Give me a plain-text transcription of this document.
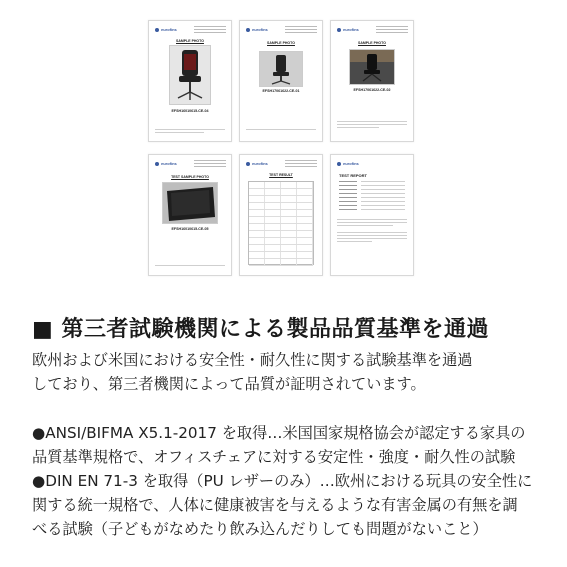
eurofins
SAMPLE PHOTO
EFSH16010615-CE-04
eurofins
SAMPLE PHOTO
EFSH17061622-CE-01
eurofins
SAMPLE PHOTO
EFSH17061622-CE-02
eurofins
TEST SAMPLE PHOTO
EFSH16010615-CE-05
eurofins
TEST RESULT
eurofins
TEST REPORT
■ 第三者試験機関による製品品質基準を通過
欧州および米国における安全性・耐久性に関する試験基準を通過
しており、第三者機関によって品質が証明されています。
●ANSI/BIFMA X5.1-2017 を取得…米国国家規格協会が認定する家具の
品質基準規格で、オフィスチェアに対する安定性・強度・耐久性の試験
●DIN EN 71-3 を取得（PU レザーのみ）…欧州における玩具の安全性に
関する統一規格で、人体に健康被害を与えるような有害金属の有無を調
べる試験（子どもがなめたり飲み込んだりしても問題がないこと）
